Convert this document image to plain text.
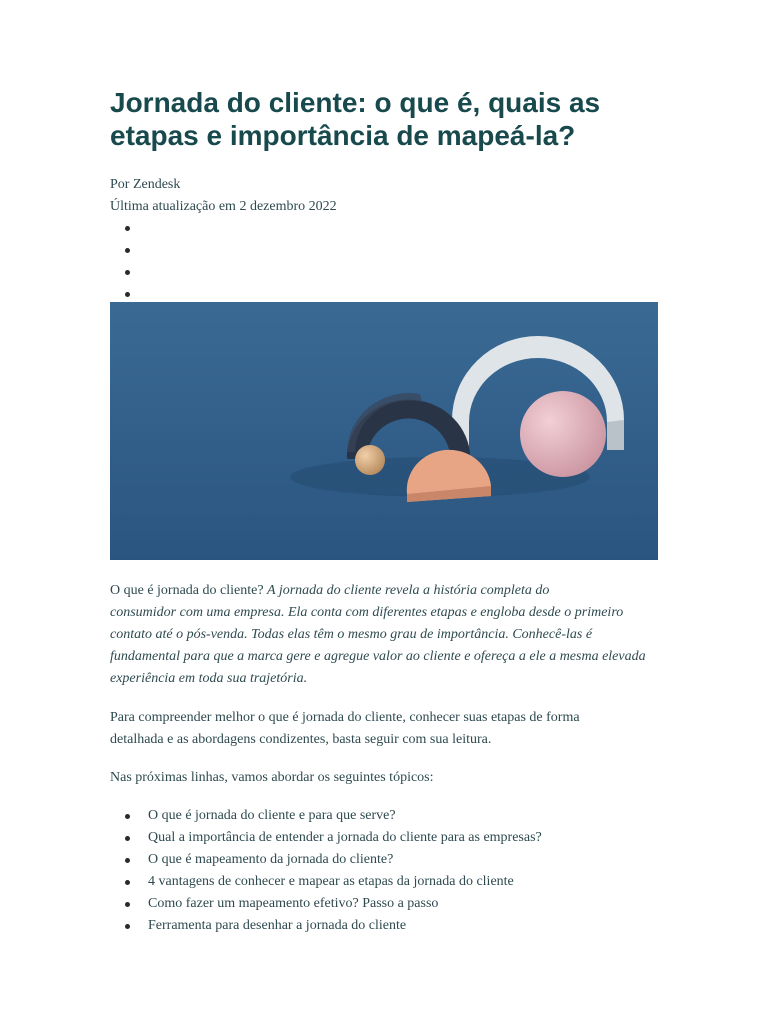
Jornada do cliente: o que é, quais as
etapas e importância de mapeá-la?
Por Zendesk
Última atualização em 2 dezembro 2022

O que é jornada do cliente? A jornada do cliente revela a história completa do
consumidor com uma empresa. Ela conta com diferentes etapas e engloba desde o primeiro contato até o pós-venda. Todas elas têm o mesmo grau de importância. Conhecê-las é fundamental para que a marca gere e agregue valor ao cliente e ofereça a ele a mesma elevada experiência em toda sua trajetória.

Para compreender melhor o que é jornada do cliente, conhecer suas etapas de forma
detalhada e as abordagens condizentes, basta seguir com sua leitura.

Nas próximas linhas, vamos abordar os seguintes tópicos:

O que é jornada do cliente e para que serve?
Qual a importância de entender a jornada do cliente para as empresas?
O que é mapeamento da jornada do cliente?
4 vantagens de conhecer e mapear as etapas da jornada do cliente
Como fazer um mapeamento efetivo? Passo a passo
Ferramenta para desenhar a jornada do cliente
